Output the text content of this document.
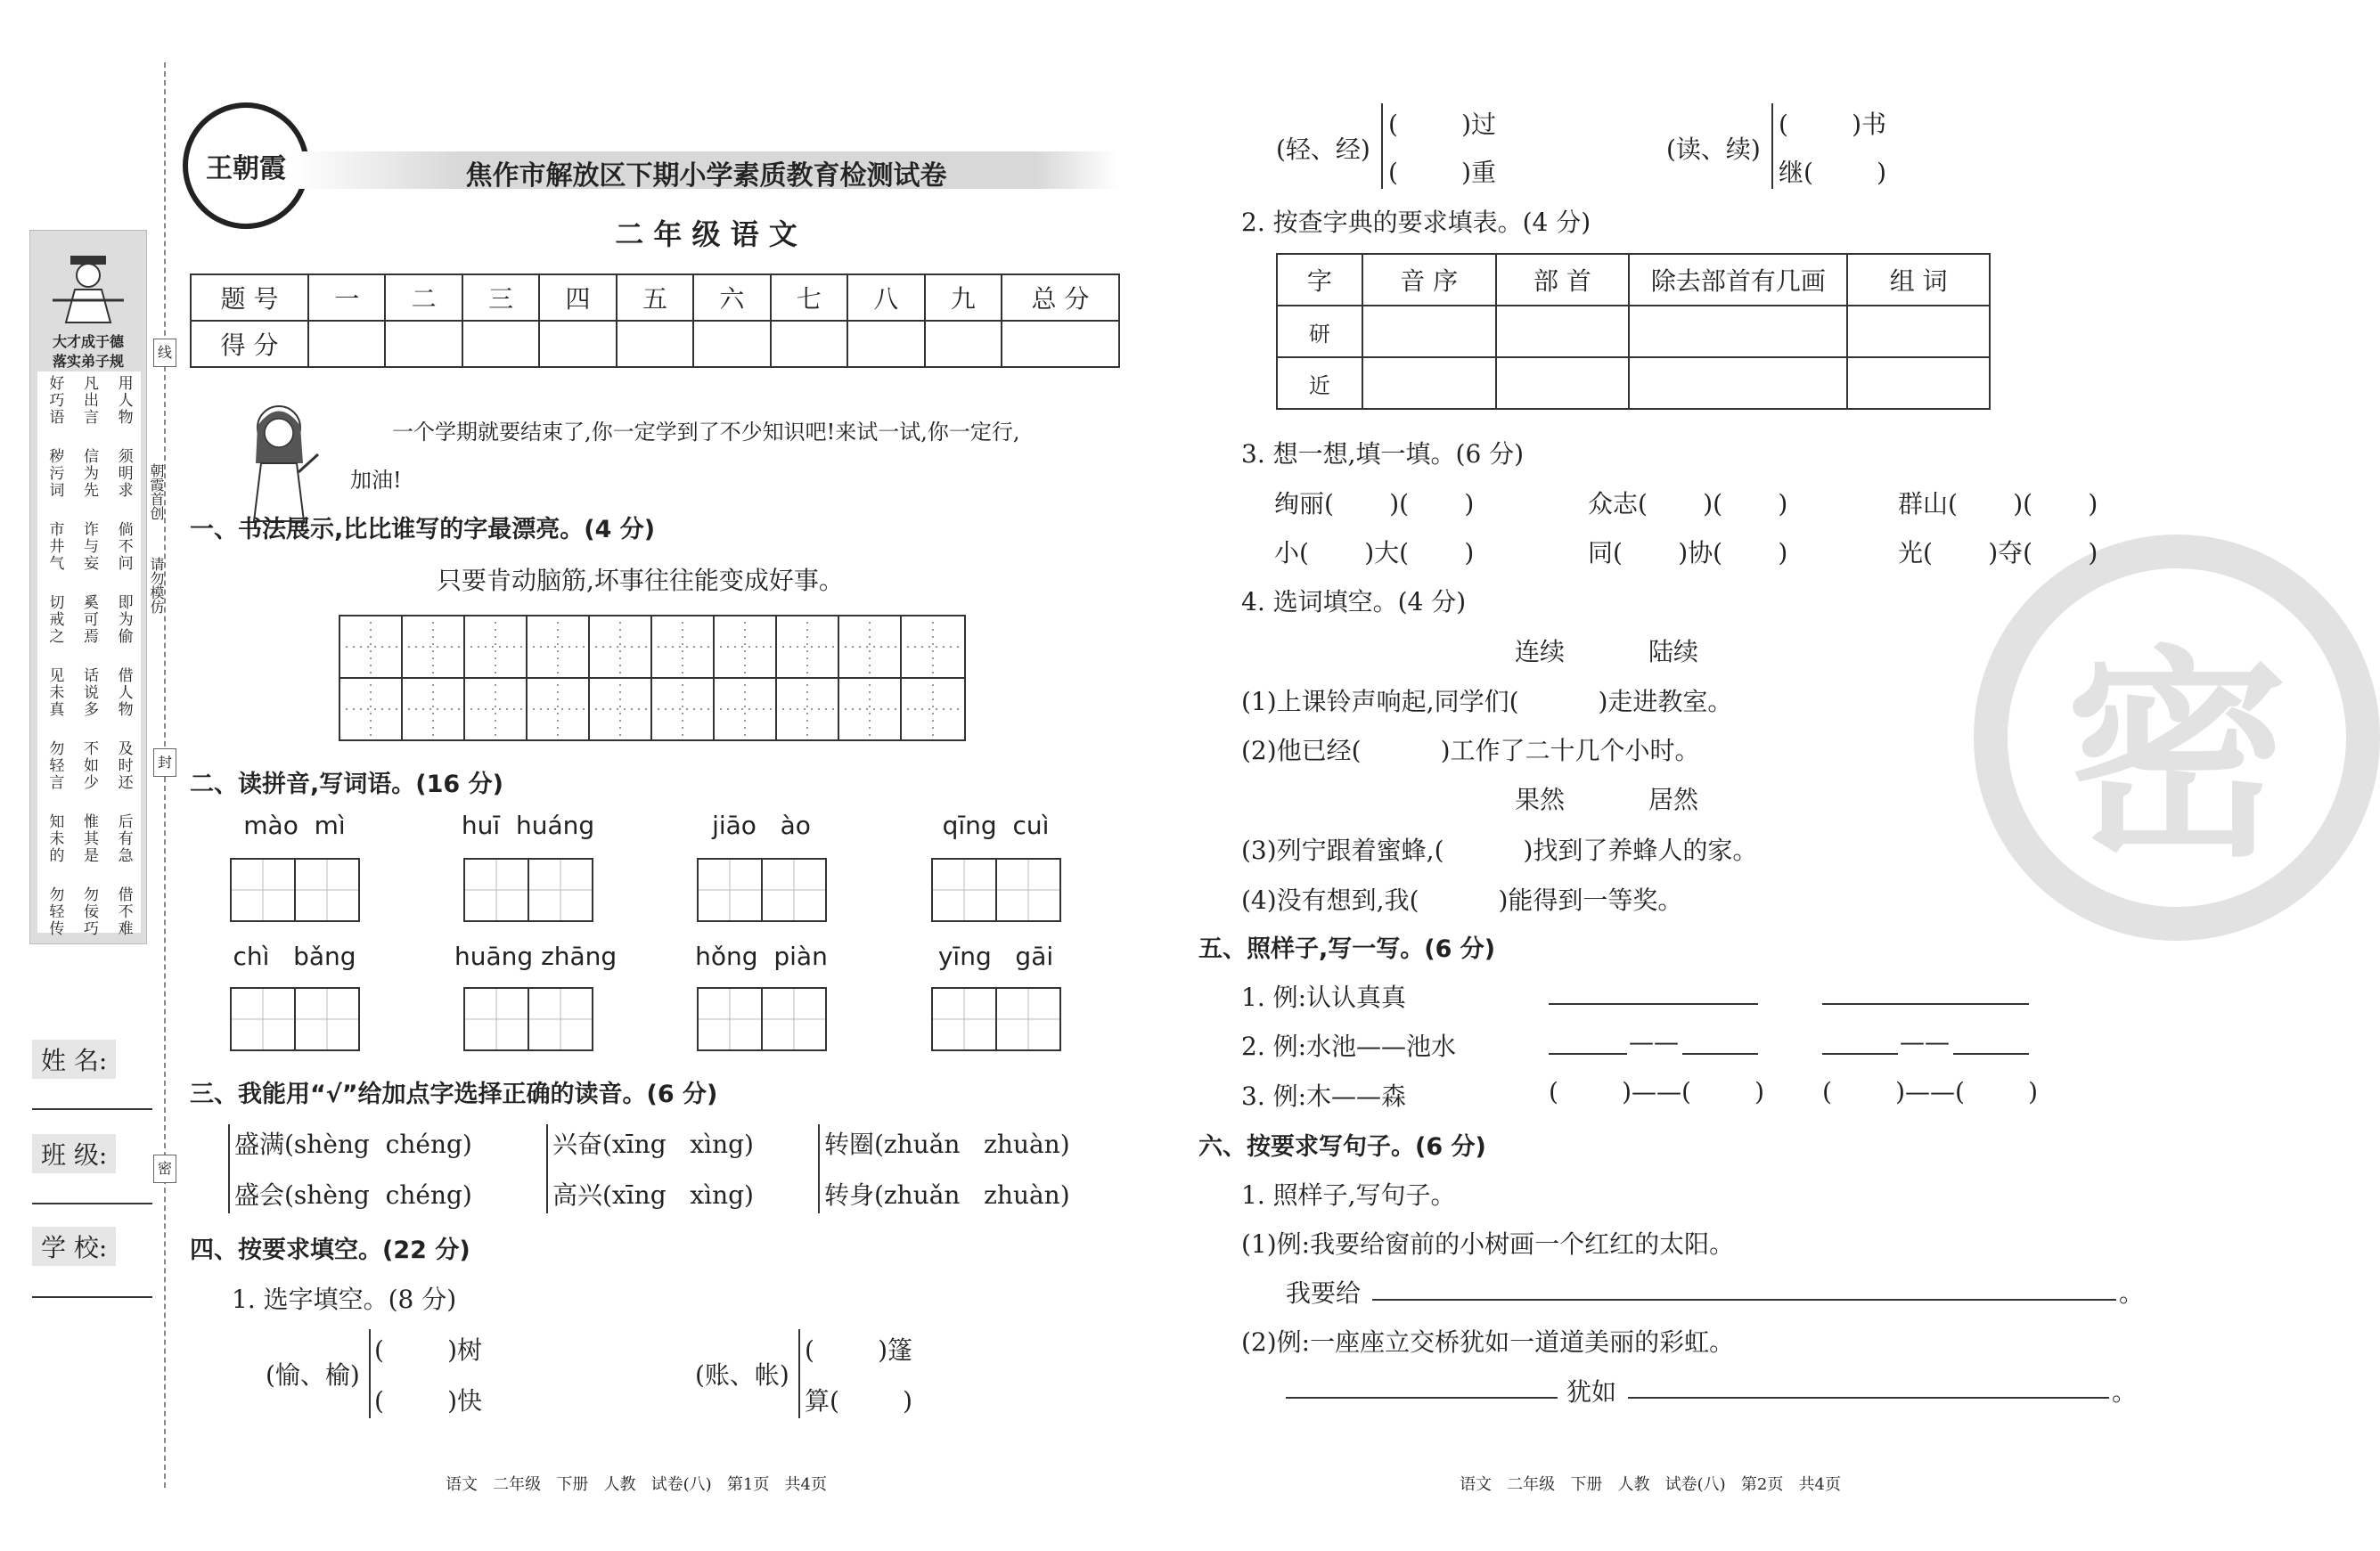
大才成于德
落实弟子规
好巧语 凡出言 用人物
秽污词 信为先 须明求
市井气 诈与妄 倘不问
切戒之 奚可焉 即为偷
见未真 话说多 借人物
勿轻言 不如少 及时还
知未的 惟其是 后有急
勿轻传 勿佞巧 借不难
朝霞首创
请勿模仿
线
封
密
姓 名:
班 级:
学 校:
王朝霞	焦作市解放区下期小学素质教育检测试卷
二 年 级 语 文
题 号	一	二	三	四	五	六	七	八	九	总 分
得 分										
一个学期就要结束了,你一定学到了不少知识吧!来试一试,你一定行,
加油!
一、书法展示,比比谁写的字最漂亮。(4 分)
只要肯动脑筋,坏事往往能变成好事。
二、读拼音,写词语。(16 分)
mào  mì	huī  huáng	jiāo   ào	qīng  cuì
chì   bǎng	huāng zhāng	hǒng  piàn	yīng   gāi
三、我能用“√”给加点字选择正确的读音。(6 分)
盛满(shèng  chéng)
盛会(shèng  chéng)
兴奋(xīng   xìng)
高兴(xīng   xìng)
转圈(zhuǎn   zhuàn)
转身(zhuǎn   zhuàn)
四、按要求填空。(22 分)
1. 选字填空。(8 分)
(愉、榆)
(        )树
(        )快
(账、帐)
(        )篷
算(        )
语文   二年级   下册   人教   试卷(八)   第1页   共4页
密
(轻、经)
(        )过
(        )重
(读、续)
(        )书
继(        )
2. 按查字典的要求填表。(4 分)
字	音 序	部 首	除去部首有几画	组 词
研				
近				
3. 想一想,填一填。(6 分)
绚丽(       )(       )	众志(       )(       )	群山(       )(       )
小(       )大(       )	同(       )协(       )	光(       )夺(       )
4. 选词填空。(4 分)
连续	陆续
(1)上课铃声响起,同学们(          )走进教室。
(2)他已经(          )工作了二十几个小时。
果然	居然
(3)列宁跟着蜜蜂,(          )找到了养蜂人的家。
(4)没有想到,我(          )能得到一等奖。
五、照样子,写一写。(6 分)
1. 例:认认真真
2. 例:水池——池水	——	——
3. 例:木——森	(        )——(        ) (        )——(        )
六、按要求写句子。(6 分)
1. 照样子,写句子。
(1)例:我要给窗前的小树画一个红红的太阳。
我要给	。
(2)例:一座座立交桥犹如一道道美丽的彩虹。
犹如	。
语文   二年级   下册   人教   试卷(八)   第2页   共4页
